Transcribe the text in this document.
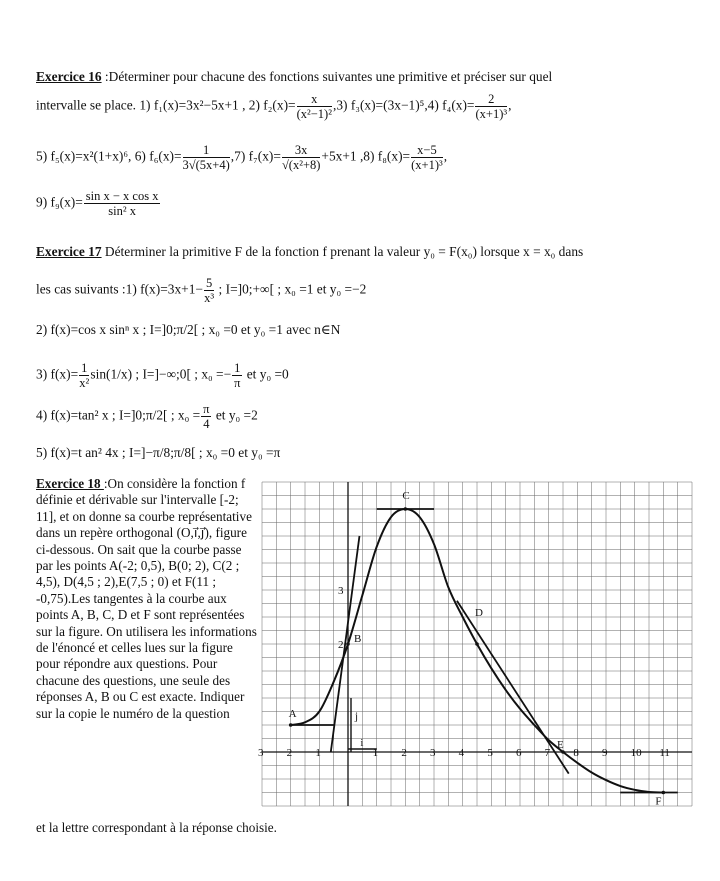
Exercice 16 :Déterminer pour chacune des fonctions suivantes une primitive et préciser sur quel
intervalle se place. 1) f₁(x)=3x²−5x+1 , 2) $f_2(x)= \frac{x}{\text{(x²−1)²}} ,3$) f₃(x)=(3x−1)⁵,4) $f_4(x)= \frac{2}{\text{(x+1)³}}$ ,
5) f₅(x)=x²(1+x)⁶, 6) $f_6(x)= \frac{1}{3√(5x+4)} ,7$) $f_7(x)= \frac{3x}{\text{√(x²+8)}} +5x+1$ ,8) $f_8(x)= \frac{x-5}{\text{(x+1)³}}$ ,
9) $f_9(x)= \frac{\text{sin x − x cos x}}{\text{sin² x}}$
Exercice 17 Déterminer la primitive F de la fonction f prenant la valeur y₀ = F(x₀) lorsque x = x₀ dans
les cas suivants :1) $f(x)=3x+1- \frac{5}{\text{x³}}$ ; I=]0;+∞[ ; x₀ =1 et y₀ =−2
2) f(x)=cos x sinⁿ x ; I=]0;π/2[ ; x₀ =0 et y₀ =1 avec n∈N
3) $f(x)= \frac{1}{\text{x²}} \sin(1/x)$ ; I=]−∞;0[ ; $x_0 =- \frac{1}{\pi}$ et y₀ =0
4) f(x)=tan² x ; I=]0;π/2[ ; $x_0 = \frac{\pi}{4}$ et y₀ =2
5) f(x)=t an² 4x ; I=]−π/8;π/8[ ; x₀ =0 et y₀ =π
Exercice 18 :On considère la fonction f définie et dérivable sur l'intervalle [-2; 11], et on donne sa courbe représentative dans un repère orthogonal (O,i⃗,j⃗), figure ci-dessous. On sait que la courbe passe par les points A(-2; 0,5), B(0; 2), C(2 ; 4,5), D(4,5 ; 2),E(7,5 ; 0) et F(11 ; -0,75).Les tangentes à la courbe aux points A, B, C, D et F sont représentées sur la figure. On utilisera les informations de l'énoncé et celles lues sur la figure pour répondre aux questions. Pour chacune des questions, une seule des réponses A, B ou C est exacte. Indiquer sur la copie le numéro de la question
et la lettre correspondant à la réponse choisie.
i
j
3 2 1	1 2 3 4 5 6 7 8 9 10 11
3
2
A
B
C
D
E
F
